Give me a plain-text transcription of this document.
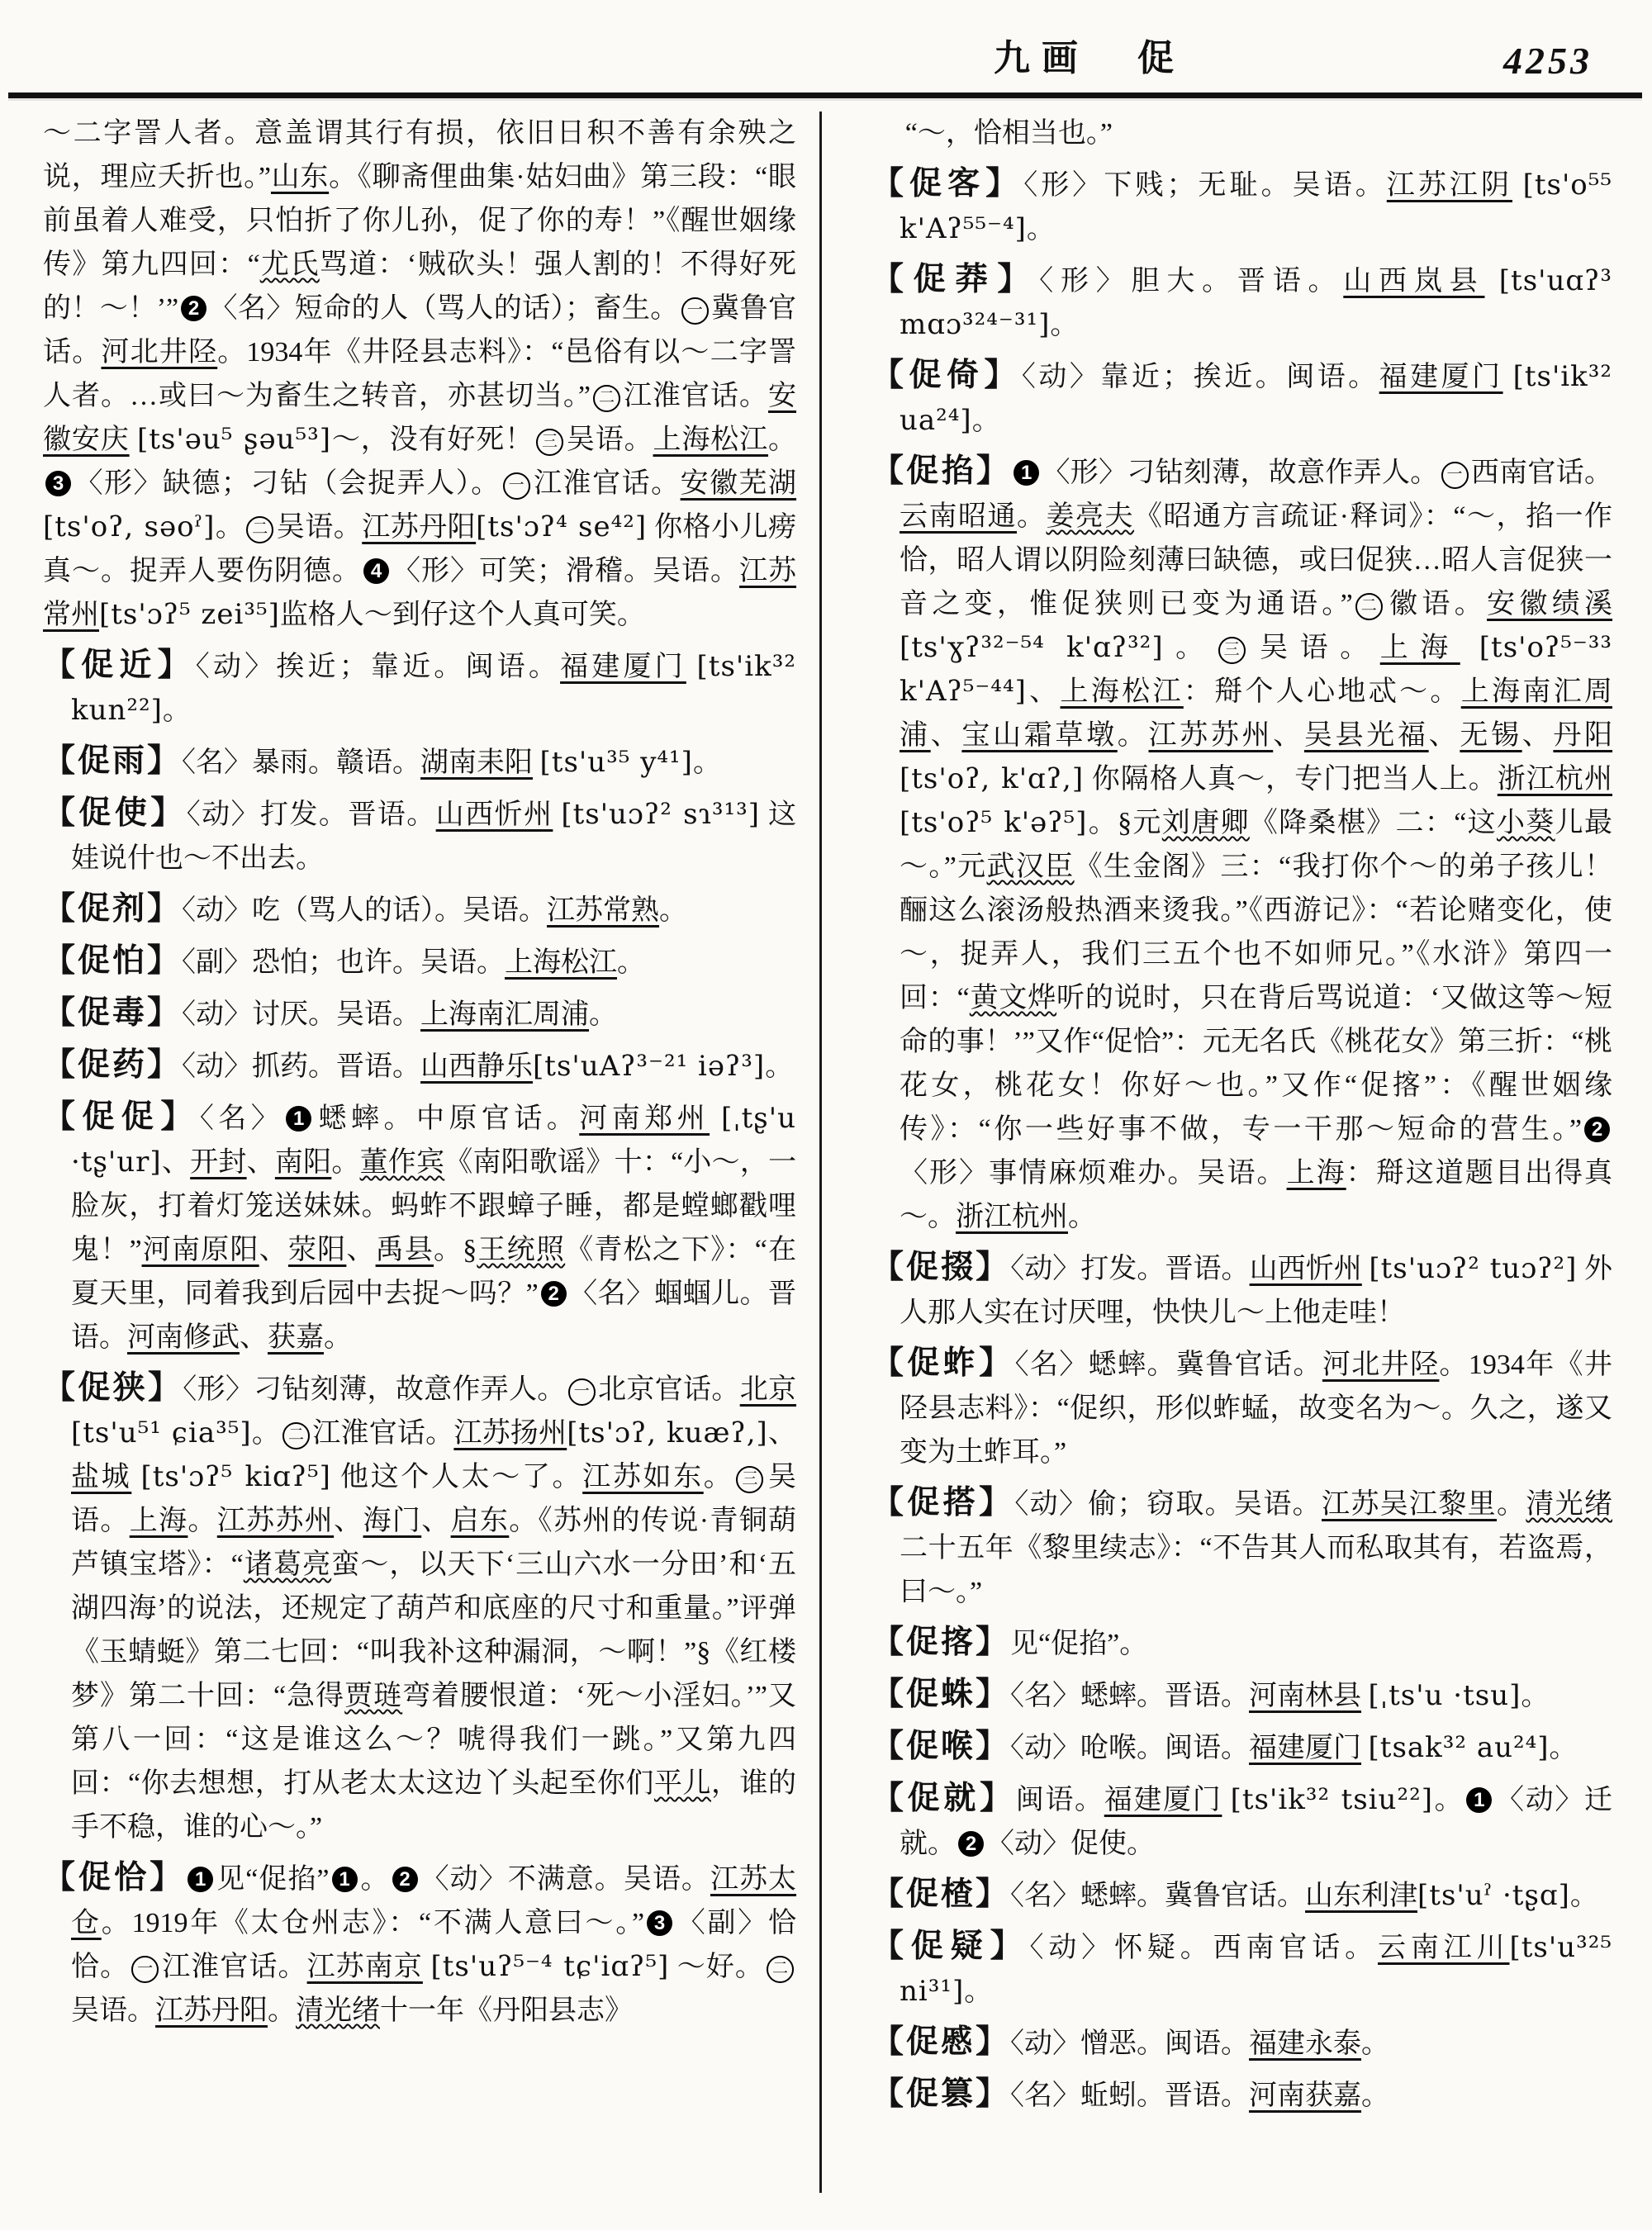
九画　促	4253

～二字詈人者。意盖谓其行有损，依旧日积不善有余殃之说，理应夭折也。”山东。《聊斋俚曲集·姑妇曲》第三段：“眼前虽着人难受，只怕折了你儿孙，促了你的寿！”《醒世姻缘传》第九四回：“尤氏骂道：‘贼砍头！强人割的！不得好死的！～！’” 2 〈名〉短命的人（骂人的话）；畜生。 一 冀鲁官话。河北井陉。1934年《井陉县志料》：“邑俗有以～二字詈人者。…或曰～为畜生之转音，亦甚切当。” 二 江淮官话。安徽安庆 [ts'əu⁵ ʂəu⁵³]～，没有好死！ 三 吴语。上海松江。3 〈形〉缺德；刁钻（会捉弄人）。 一 江淮官话。安徽芜湖 [ts'oʔ, səoˀ]。 二 吴语。江苏丹阳[ts'ɔʔ⁴ se⁴²] 你格小儿痨真～。捉弄人要伤阴德。 4 〈形〉可笑；滑稽。吴语。江苏常州[ts'ɔʔ⁵ zei³⁵]监格人～到仔这个人真可笑。

【促近】〈动〉挨近；靠近。闽语。福建厦门 [ts'ik³² kun²²]。

【促雨】〈名〉暴雨。赣语。湖南耒阳 [ts'u³⁵ y⁴¹]。

【促使】〈动〉打发。晋语。山西忻州 [ts'uɔʔ² sɿ³¹³] 这娃说什也～不出去。

【促剂】〈动〉吃（骂人的话）。吴语。江苏常熟。

【促怕】〈副〉恐怕；也许。吴语。上海松江。

【促毒】〈动〉讨厌。吴语。上海南汇周浦。

【促药】〈动〉抓药。晋语。山西静乐[ts'uAʔ³⁻²¹ iəʔ³]。

【促促】〈名〉 1 蟋蟀。中原官话。河南郑州 [ˌtʂ'u ·tʂ'ur]、开封、南阳。董作宾《南阳歌谣》十：“小～，一脸灰，打着灯笼送妹妹。蚂蚱不跟蟑子睡，都是螳螂戳哩鬼！”河南原阳、荥阳、禹县。§王统照《青松之下》：“在夏天里，同着我到后园中去捉～吗？” 2 〈名〉蝈蝈儿。晋语。河南修武、获嘉。

【促狭】〈形〉刁钻刻薄，故意作弄人。 一 北京官话。北京 [ts'u⁵¹ ɕia³⁵]。 二 江淮官话。江苏扬州[ts'ɔʔ, kuæʔ,]、盐城 [ts'ɔʔ⁵ kiɑʔ⁵] 他这个人太～了。江苏如东。 三 吴语。上海。江苏苏州、海门、启东。《苏州的传说·青铜葫芦镇宝塔》：“诸葛亮蛮～，以天下‘三山六水一分田’和‘五湖四海’的说法，还规定了葫芦和底座的尺寸和重量。”评弹《玉蜻蜓》第二七回：“叫我补这种漏洞，～啊！”§《红楼梦》第二十回：“急得贾琏弯着腰恨道：‘死～小淫妇。’”又第八一回：“这是谁这么～？唬得我们一跳。”又第九四回：“你去想想，打从老太太这边丫头起至你们平儿，谁的手不稳，谁的心～。”

【促恰】 1 见“促掐” 1 。 2 〈动〉不满意。吴语。江苏太仓。1919年《太仓州志》：“不满人意曰～。” 3 〈副〉恰恰。 一 江淮官话。江苏南京 [ts'uʔ⁵⁻⁴ tɕ'iɑʔ⁵] ～好。 二吴语。江苏丹阳。清光绪十一年《丹阳县志》

“～，恰相当也。”

【促客】〈形〉下贱；无耻。吴语。江苏江阴 [ts'o⁵⁵ k'Aʔ⁵⁵⁻⁴]。

【促莽】〈形〉胆大。晋语。山西岚县 [ts'uɑʔ³ mɑɔ³²⁴⁻³¹]。

【促倚】〈动〉靠近；挨近。闽语。福建厦门 [ts'ik³² ua²⁴]。

【促掐】 1 〈形〉刁钻刻薄，故意作弄人。 一 西南官话。云南昭通。姜亮夫《昭通方言疏证·释词》：“～，掐一作恰，昭人谓以阴险刻薄曰缺德，或曰促狭…昭人言促狭一音之变，惟促狭则已变为通语。” 二 徽语。安徽绩溪 [ts'ɣʔ³²⁻⁵⁴ k'ɑʔ³²]。 三 吴语。上海 [ts'oʔ⁵⁻³³ k'Aʔ⁵⁻⁴⁴]、上海松江：搿个人心地忒～。上海南汇周浦、宝山霜草墩。江苏苏州、吴县光福、无锡、丹阳 [ts'oʔ, k'ɑʔ,] 你隔格人真～，专门把当人上。浙江杭州[ts'oʔ⁵ k'əʔ⁵]。§元刘唐卿《降桑椹》二：“这小葵儿最～。”元武汉臣《生金阁》三：“我打你个～的弟子孩儿！酾这么滚汤般热酒来烫我。”《西游记》：“若论赌变化，使～，捉弄人，我们三五个也不如师兄。”《水浒》第四一回：“黄文烨听的说时，只在背后骂说道：‘又做这等～短命的事！’”又作“促恰”：元无名氏《桃花女》第三折：“桃花女，桃花女！你好～也。”又作“促揢”：《醒世姻缘传》：“你一些好事不做，专一干那～短命的营生。” 2〈形〉事情麻烦难办。吴语。上海：搿这道题目出得真～。浙江杭州。

【促掇】〈动〉打发。晋语。山西忻州 [ts'uɔʔ² tuɔʔ²] 外人那人实在讨厌哩，快快儿～上他走哇！

【促蚱】〈名〉蟋蟀。冀鲁官话。河北井陉。1934年《井陉县志料》：“促织，形似蚱蜢，故变名为～。久之，遂又变为土蚱耳。”

【促搭】〈动〉偷；窃取。吴语。江苏吴江黎里。清光绪二十五年《黎里续志》：“不告其人而私取其有，若盗焉，曰～。”

【促揢】见“促掐”。

【促蛛】〈名〉蟋蟀。晋语。河南林县 [ˌts'u ·tsu]。

【促喉】〈动〉呛喉。闽语。福建厦门 [tsak³² au²⁴]。

【促就】闽语。福建厦门 [ts'ik³² tsiu²²]。 1 〈动〉迁就。 2 〈动〉促使。

【促楂】〈名〉蟋蟀。冀鲁官话。山东利津[ts'uˀ ·tʂɑ]。

【促疑】〈动〉怀疑。西南官话。云南江川[ts'u³²⁵ ni³¹]。

【促慼】〈动〉憎恶。闽语。福建永泰。

【促篡】〈名〉蚯蚓。晋语。河南获嘉。
